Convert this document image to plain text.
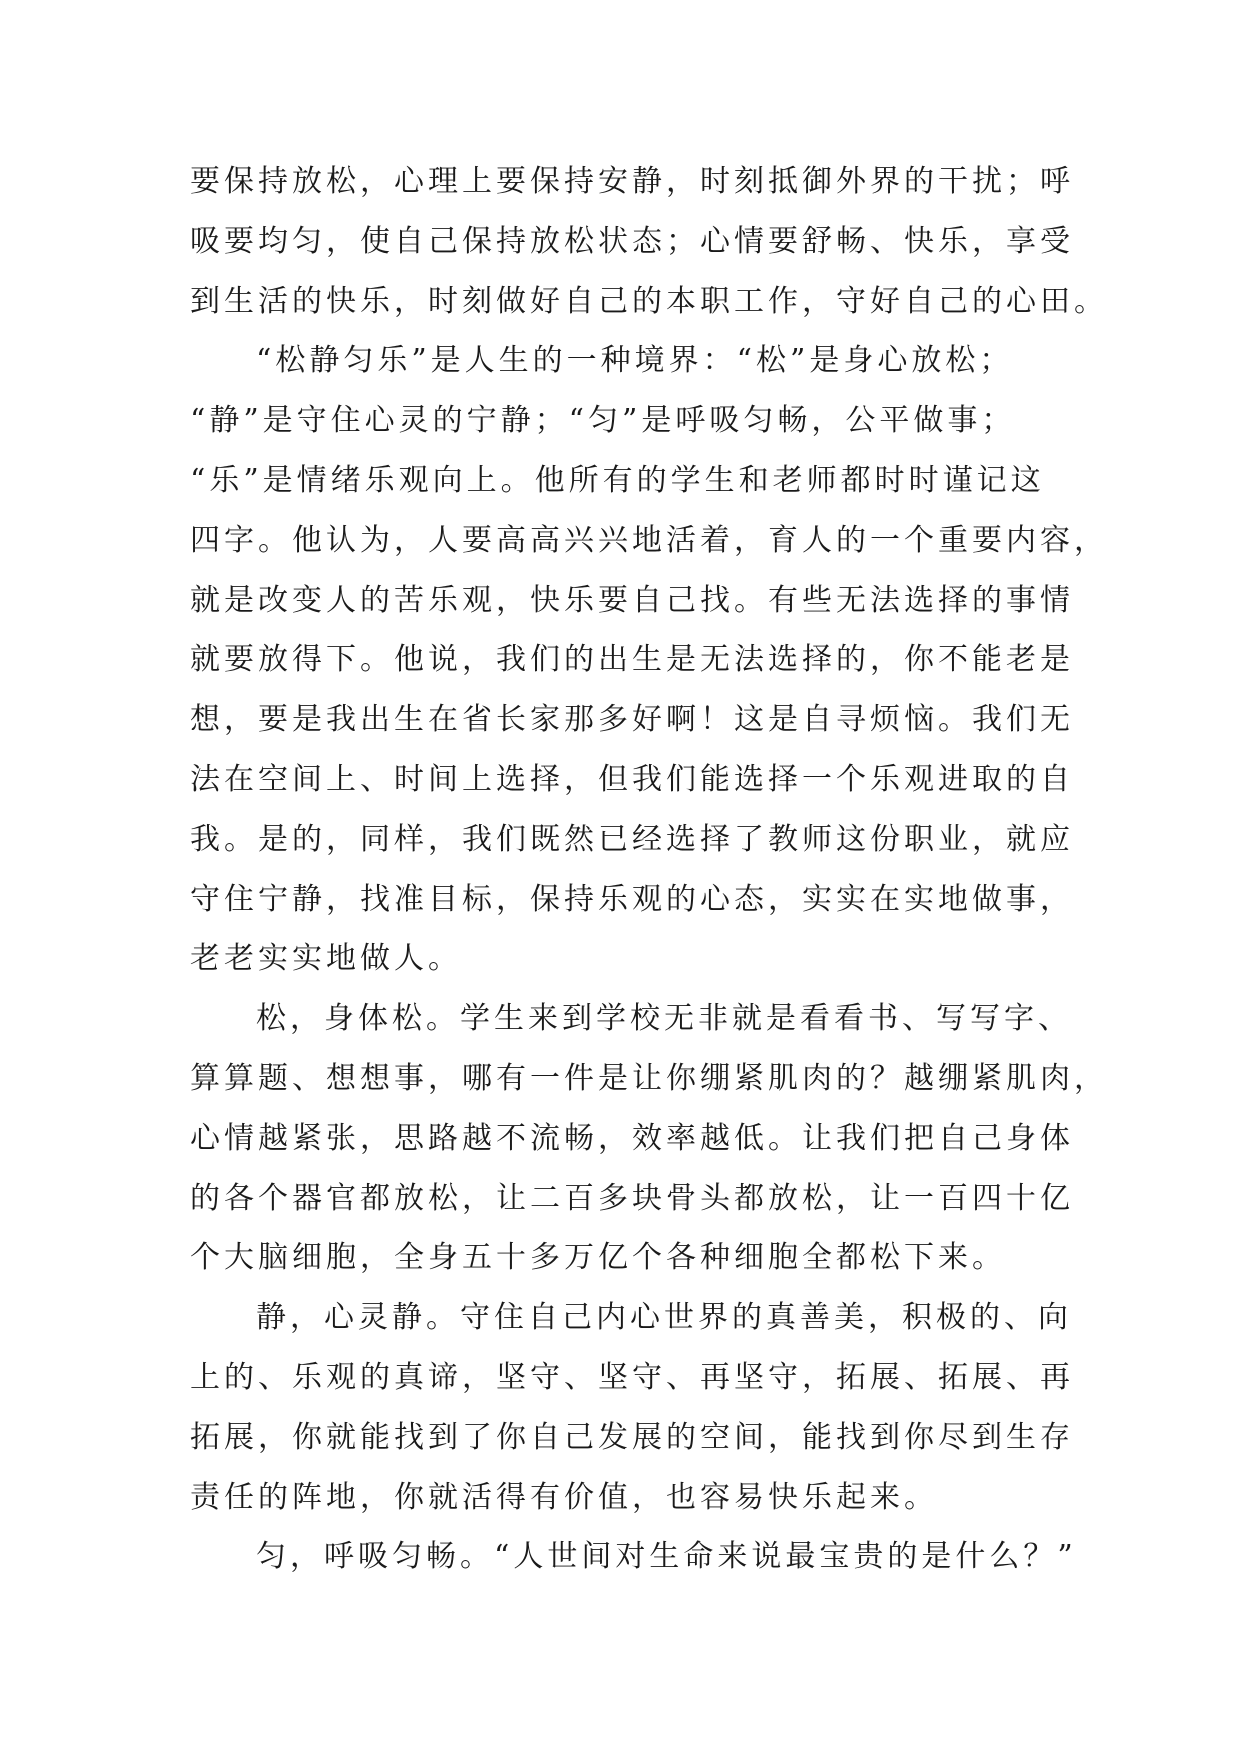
要保持放松，心理上要保持安静，时刻抵御外界的干扰；呼
吸要均匀，使自己保持放松状态；心情要舒畅、快乐，享受
到生活的快乐，时刻做好自己的本职工作，守好自己的心田。
“松静匀乐”是人生的一种境界：“松”是身心放松；
“静”是守住心灵的宁静；“匀”是呼吸匀畅，公平做事；
“乐”是情绪乐观向上。他所有的学生和老师都时时谨记这
四字。他认为，人要高高兴兴地活着，育人的一个重要内容，
就是改变人的苦乐观，快乐要自己找。有些无法选择的事情
就要放得下。他说，我们的出生是无法选择的，你不能老是
想，要是我出生在省长家那多好啊！这是自寻烦恼。我们无
法在空间上、时间上选择，但我们能选择一个乐观进取的自
我。是的，同样，我们既然已经选择了教师这份职业，就应
守住宁静，找准目标，保持乐观的心态，实实在实地做事，
老老实实地做人。
松，身体松。学生来到学校无非就是看看书、写写字、
算算题、想想事，哪有一件是让你绷紧肌肉的？越绷紧肌肉，
心情越紧张，思路越不流畅，效率越低。让我们把自己身体
的各个器官都放松，让二百多块骨头都放松，让一百四十亿
个大脑细胞，全身五十多万亿个各种细胞全都松下来。
静，心灵静。守住自己内心世界的真善美，积极的、向
上的、乐观的真谛，坚守、坚守、再坚守，拓展、拓展、再
拓展，你就能找到了你自己发展的空间，能找到你尽到生存
责任的阵地，你就活得有价值，也容易快乐起来。
匀，呼吸匀畅。“人世间对生命来说最宝贵的是什么？”
